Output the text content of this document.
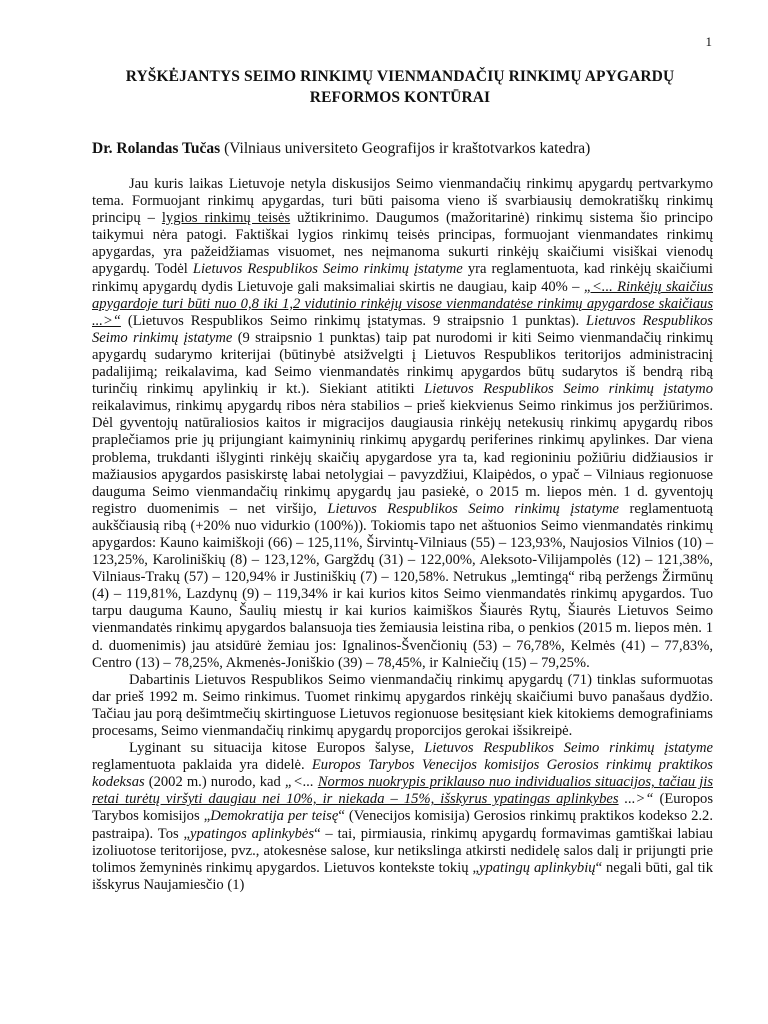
1
RYŠKĖJANTYS SEIMO RINKIMŲ VIENMANDAČIŲ RINKIMŲ APYGARDŲ REFORMOS KONTŪRAI

Dr. Rolandas Tučas (Vilniaus universiteto Geografijos ir kraštotvarkos katedra)

Jau kuris laikas Lietuvoje netyla diskusijos Seimo vienmandačių rinkimų apygardų pertvarkymo tema. Formuojant rinkimų apygardas, turi būti paisoma vieno iš svarbiausių demokratiškų rinkimų principų – lygios rinkimų teisės užtikrinimo. Daugumos (mažoritarinė) rinkimų sistema šio principo taikymui nėra patogi. Faktiškai lygios rinkimų teisės principas, formuojant vienmandates rinkimų apygardas, yra pažeidžiamas visuomet, nes neįmanoma sukurti rinkėjų skaičiumi visiškai vienodų apygardų. Todėl Lietuvos Respublikos Seimo rinkimų įstatyme yra reglamentuota, kad rinkėjų skaičiumi rinkimų apygardų dydis Lietuvoje gali maksimaliai skirtis ne daugiau, kaip 40% – „<... Rinkėjų skaičius apygardoje turi būti nuo 0,8 iki 1,2 vidutinio rinkėjų visose vienmandatėse rinkimų apygardose skaičiaus ...>“ (Lietuvos Respublikos Seimo rinkimų įstatymas. 9 straipsnio 1 punktas). Lietuvos Respublikos Seimo rinkimų įstatyme (9 straipsnio 1 punktas) taip pat nurodomi ir kiti Seimo vienmandačių rinkimų apygardų sudarymo kriterijai (būtinybė atsižvelgti į Lietuvos Respublikos teritorijos administracinį padalijimą; reikalavima, kad Seimo vienmandatės rinkimų apygardos būtų sudarytos iš bendrą ribą turinčių rinkimų apylinkių ir kt.). Siekiant atitikti Lietuvos Respublikos Seimo rinkimų įstatymo reikalavimus, rinkimų apygardų ribos nėra stabilios – prieš kiekvienus Seimo rinkimus jos peržiūrimos. Dėl gyventojų natūraliosios kaitos ir migracijos daugiausia rinkėjų netekusių rinkimų apygardų ribos praplečiamos prie jų prijungiant kaimyninių rinkimų apygardų periferines rinkimų apylinkes. Dar viena problema, trukdanti išlyginti rinkėjų skaičių apygardose yra ta, kad regioniniu požiūriu didžiausios ir mažiausios apygardos pasiskirstę labai netolygiai – pavyzdžiui, Klaipėdos, o ypač – Vilniaus regionuose dauguma Seimo vienmandačių rinkimų apygardų jau pasiekė, o 2015 m. liepos mėn. 1 d. gyventojų registro duomenimis – net viršijo, Lietuvos Respublikos Seimo rinkimų įstatyme reglamentuotą aukščiausią ribą (+20% nuo vidurkio (100%)). Tokiomis tapo net aštuonios Seimo vienmandatės rinkimų apygardos: Kauno kaimiškoji (66) – 125,11%, Širvintų-Vilniaus (55) – 123,93%, Naujosios Vilnios (10) – 123,25%, Karoliniškių (8) – 123,12%, Gargždų (31) – 122,00%, Aleksoto-Vilijampolės (12) – 121,38%, Vilniaus-Trakų (57) – 120,94% ir Justiniškių (7) – 120,58%. Netrukus „lemtingą“ ribą peržengs Žirmūnų (4) – 119,81%, Lazdynų (9) – 119,34% ir kai kurios kitos Seimo vienmandatės rinkimų apygardos. Tuo tarpu dauguma Kauno, Šaulių miestų ir kai kurios kaimiškos Šiaurės Rytų, Šiaurės Lietuvos Seimo vienmandatės rinkimų apygardos balansuoja ties žemiausia leistina riba, o penkios (2015 m. liepos mėn. 1 d. duomenimis) jau atsidūrė žemiau jos: Ignalinos-Švenčionių (53) – 76,78%, Kelmės (41) – 77,83%, Centro (13) – 78,25%, Akmenės-Joniškio (39) – 78,45%, ir Kalniečių (15) – 79,25%.

Dabartinis Lietuvos Respublikos Seimo vienmandačių rinkimų apygardų (71) tinklas suformuotas dar prieš 1992 m. Seimo rinkimus. Tuomet rinkimų apygardos rinkėjų skaičiumi buvo panašaus dydžio. Tačiau jau porą dešimtmečių skirtinguose Lietuvos regionuose besitęsiant kiek kitokiems demografiniams procesams, Seimo vienmandačių rinkimų apygardų proporcijos gerokai išsikreipė.

Lyginant su situacija kitose Europos šalyse, Lietuvos Respublikos Seimo rinkimų įstatyme reglamentuota paklaida yra didelė. Europos Tarybos Venecijos komisijos Gerosios rinkimų praktikos kodeksas (2002 m.) nurodo, kad „<... Normos nuokrypis priklauso nuo individualios situacijos, tačiau jis retai turėtų viršyti daugiau nei 10%, ir niekada – 15%, išskyrus ypatingas aplinkybes ...>“ (Europos Tarybos komisijos „Demokratija per teisę“ (Venecijos komisija) Gerosios rinkimų praktikos kodekso 2.2. pastraipa). Tos „ypatingos aplinkybės“ – tai, pirmiausia, rinkimų apygardų formavimas gamtiškai labiau izoliuotose teritorijose, pvz., atokesnėse salose, kur netikslinga atkirsti nedidelę salos dalį ir prijungti prie tolimos žemyninės rinkimų apygardos. Lietuvos kontekste tokių „ypatingų aplinkybių“ negali būti, gal tik išskyrus Naujamiesčio (1)
